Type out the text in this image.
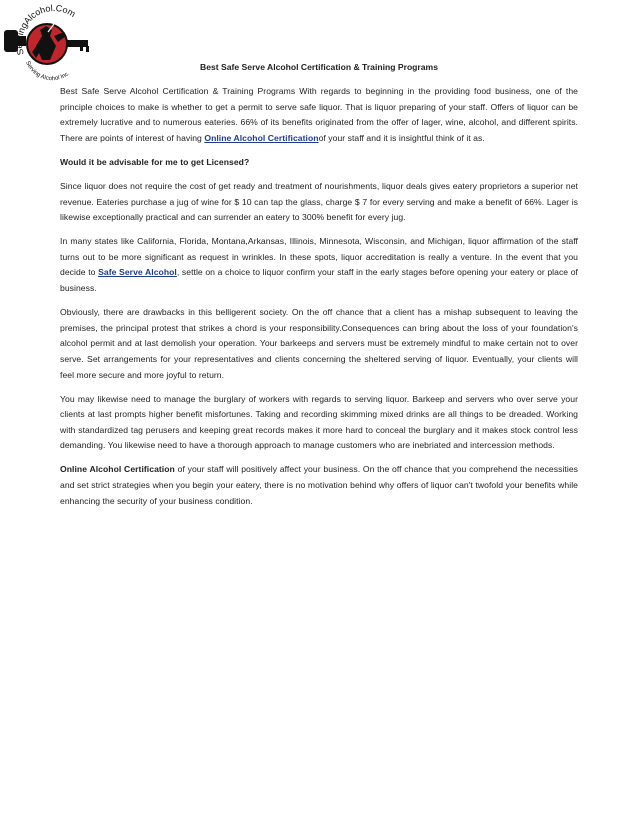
ServingAlcohol.Com
Serving Alcohol Inc.
Best Safe Serve Alcohol Certification & Training Programs

Best Safe Serve Alcohol Certification & Training Programs With regards to beginning in the providing food business, one of the principle choices to make is whether to get a permit to serve safe liquor. That is liquor preparing of your staff. Offers of liquor can be extremely lucrative and to numerous eateries. 66% of its benefits originated from the offer of lager, wine, alcohol, and different spirits. There are points of interest of having Online Alcohol Certificationof your staff and it is insightful think of it as.

Would it be advisable for me to get Licensed?

Since liquor does not require the cost of get ready and treatment of nourishments, liquor deals gives eatery proprietors a superior net revenue. Eateries purchase a jug of wine for $ 10 can tap the glass, charge $ 7 for every serving and make a benefit of 66%. Lager is likewise exceptionally practical and can surrender an eatery to 300% benefit for every jug.

In many states like California, Florida, Montana,Arkansas, Illinois, Minnesota, Wisconsin, and Michigan, liquor affirmation of the staff turns out to be more significant as request in wrinkles. In these spots, liquor accreditation is really a venture. In the event that you decide to Safe Serve Alcohol, settle on a choice to liquor confirm your staff in the early stages before opening your eatery or place of business.

Obviously, there are drawbacks in this belligerent society. On the off chance that a client has a mishap subsequent to leaving the premises, the principal protest that strikes a chord is your responsibility.Consequences can bring about the loss of your foundation's alcohol permit and at last demolish your operation. Your barkeeps and servers must be extremely mindful to make certain not to over serve. Set arrangements for your representatives and clients concerning the sheltered serving of liquor. Eventually, your clients will feel more secure and more joyful to return.

You may likewise need to manage the burglary of workers with regards to serving liquor. Barkeep and servers who over serve your clients at last prompts higher benefit misfortunes. Taking and recording skimming mixed drinks are all things to be dreaded. Working with standardized tag perusers and keeping great records makes it more hard to conceal the burglary and it makes stock control less demanding. You likewise need to have a thorough approach to manage customers who are inebriated and intercession methods.

Online Alcohol Certification of your staff will positively affect your business. On the off chance that you comprehend the necessities and set strict strategies when you begin your eatery, there is no motivation behind why offers of liquor can't twofold your benefits while enhancing the security of your business condition.
